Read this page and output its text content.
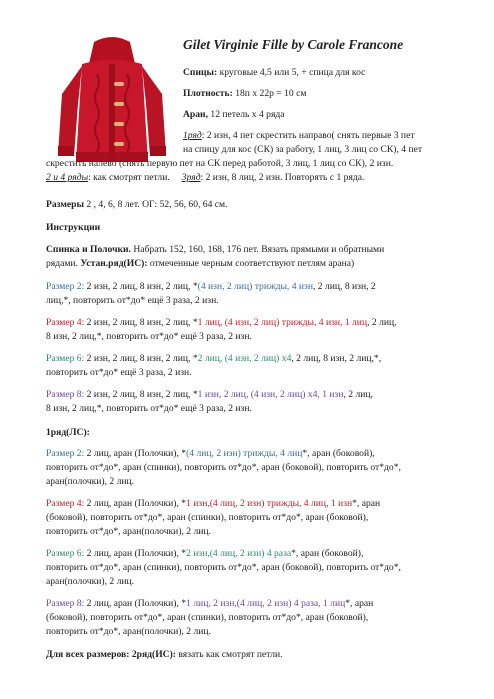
Gilet Virginie Fille by Carole Francone
Спицы: круговые 4,5 или 5, + спица для кос
Плотность: 18п х 22р = 10 см
Аран, 12 петель х 4 ряда
1ряд: 2 изн, 4 пет скрестить направо( снять первые 3 пет
на спицу для кос (СК) за работу, 1 лиц, 3 лиц со СК), 4 пет
скрестить налево (снять первую пет на СК перед работой, 3 лиц, 1 лиц со СК), 2 изн.
2 и 4 ряды: как смотрят петли. 3ряд: 2 изн, 8 лиц, 2 изн. Повторять с 1 ряда.
Размеры 2 , 4, 6, 8 лет. ОГ: 52, 56, 60, 64 см.
Инструкции
Спинка и Полочки. Набрать 152, 160, 168, 176 пет. Вязать прямыми и обратными
рядами. Устан.ряд(ИС): отмеченные черным соответствуют петлям арана)
Размер 2: 2 изн, 2 лиц, 8 изн, 2 лиц, *(4 изн, 2 лиц) трижды, 4 изн, 2 лиц, 8 изн, 2
лиц,*, повторить от*до* ещё 3 раза, 2 изн.
Размер 4: 2 изн, 2 лиц, 8 изн, 2 лиц, *1 лиц, (4 изн, 2 лиц) трижды, 4 изн, 1 лиц, 2 лиц,
8 изн, 2 лиц,*, повторить от*до* ещё 3 раза, 2 изн.
Размер 6: 2 изн, 2 лиц, 8 изн, 2 лиц, *2 лиц, (4 изн, 2 лиц) х4, 2 лиц, 8 изн, 2 лиц,*,
повторить от*до* ещё 3 раза, 2 изн.
Размер 8: 2 изн, 2 лиц, 8 изн, 2 лиц, *1 изн, 2 лиц, (4 изн, 2 лиц) х4, 1 изн, 2 лиц,
8 изн, 2 лиц,*, повторить от*до* ещё 3 раза, 2 изн.
1ряд(ЛС):
Размер 2: 2 лиц, аран (Полочки), *(4 лиц, 2 изн) трижды, 4 лиц*, аран (боковой),
повторить от*до*, аран (спинки), повторить от*до*, аран (боковой), повторить от*до*,
аран(полочки), 2 лиц.
Размер 4: 2 лиц, аран (Полочки), *1 изн,(4 лиц, 2 изн) трижды, 4 лиц, 1 изн*, аран
(боковой), повторить от*до*, аран (спинки), повторить от*до*, аран (боковой),
повторить от*до*, аран(полочки), 2 лиц.
Размер 6: 2 лиц, аран (Полочки), *2 изн,(4 лиц, 2 изн) 4 раза*, аран (боковой),
повторить от*до*, аран (спинки), повторить от*до*, аран (боковой), повторить от*до*,
аран(полочки), 2 лиц.
Размер 8: 2 лиц, аран (Полочки), *1 лиц, 2 изн,(4 лиц, 2 изн) 4 раза, 1 лиц*, аран
(боковой), повторить от*до*, аран (спинки), повторить от*до*, аран (боковой),
повторить от*до*, аран(полочки), 2 лиц.
Для всех размеров: 2ряд(ИС): вязать как смотрят петли.
